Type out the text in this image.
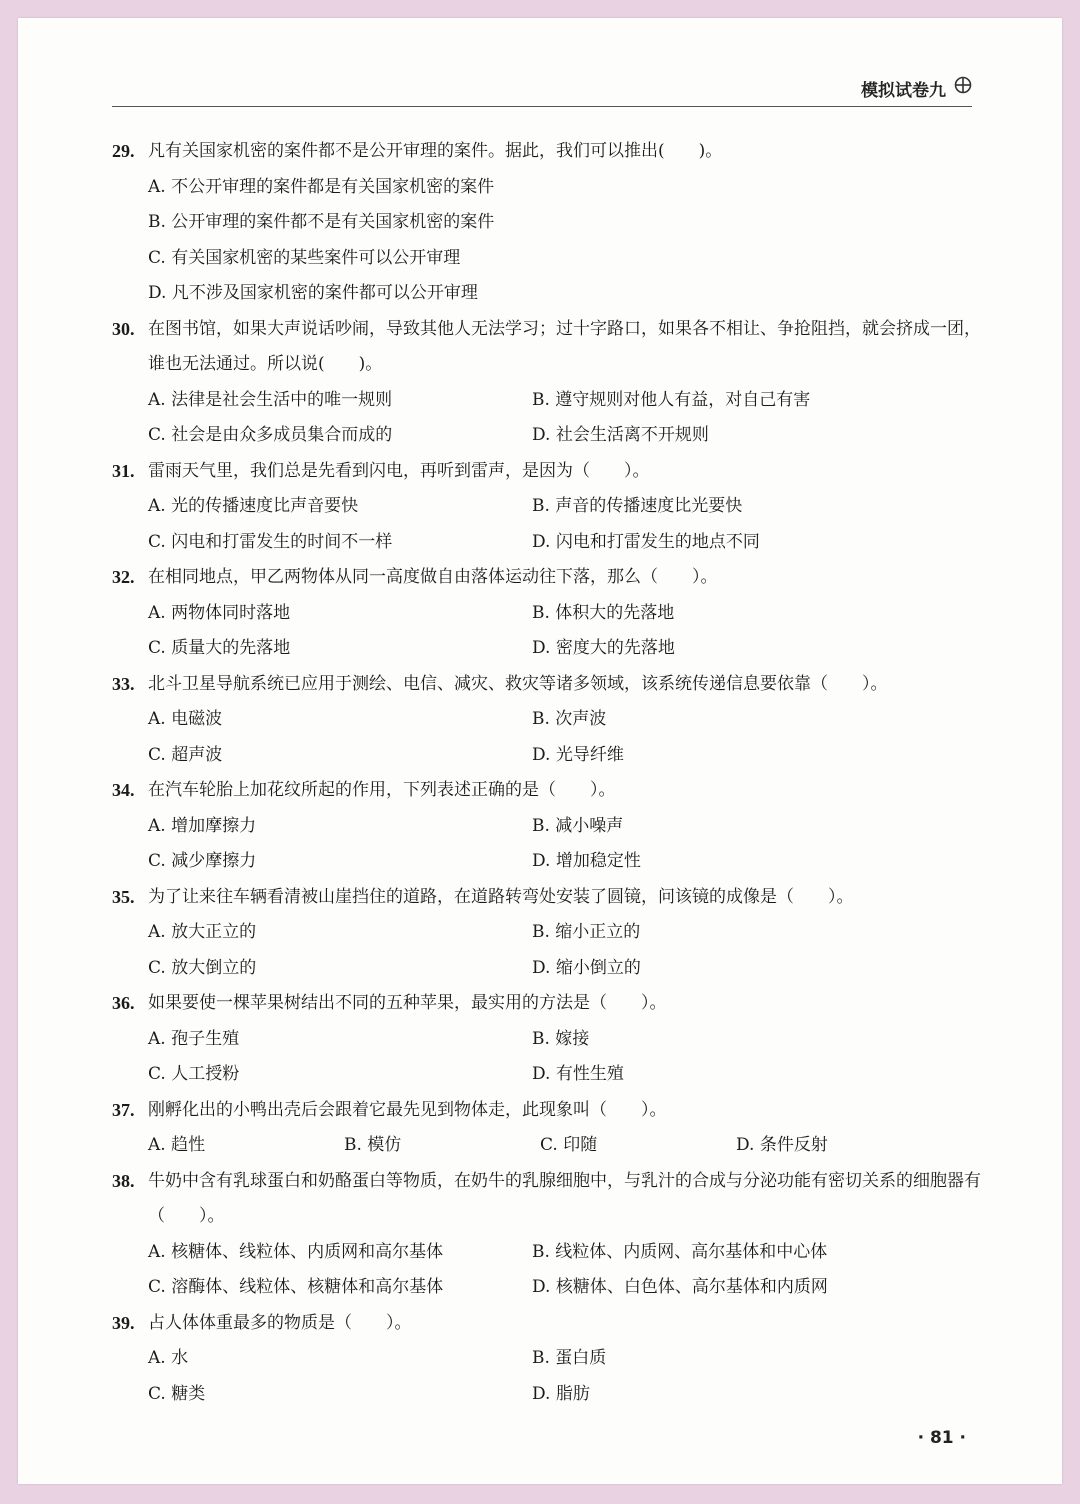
模拟试卷九
29. 凡有关国家机密的案件都不是公开审理的案件。据此，我们可以推出(　　)。
A. 不公开审理的案件都是有关国家机密的案件
B. 公开审理的案件都不是有关国家机密的案件
C. 有关国家机密的某些案件可以公开审理
D. 凡不涉及国家机密的案件都可以公开审理
30. 在图书馆，如果大声说话吵闹，导致其他人无法学习；过十字路口，如果各不相让、争抢阻挡，就会挤成一团，谁也无法通过。所以说(　　)。
A. 法律是社会生活中的唯一规则	B. 遵守规则对他人有益，对自己有害
C. 社会是由众多成员集合而成的	D. 社会生活离不开规则
31. 雷雨天气里，我们总是先看到闪电，再听到雷声，是因为（　　）。
A. 光的传播速度比声音要快	B. 声音的传播速度比光要快
C. 闪电和打雷发生的时间不一样	D. 闪电和打雷发生的地点不同
32. 在相同地点，甲乙两物体从同一高度做自由落体运动往下落，那么（　　）。
A. 两物体同时落地	B. 体积大的先落地
C. 质量大的先落地	D. 密度大的先落地
33. 北斗卫星导航系统已应用于测绘、电信、减灾、救灾等诸多领域，该系统传递信息要依靠（　　）。
A. 电磁波	B. 次声波
C. 超声波	D. 光导纤维
34. 在汽车轮胎上加花纹所起的作用，下列表述正确的是（　　）。
A. 增加摩擦力	B. 减小噪声
C. 减少摩擦力	D. 增加稳定性
35. 为了让来往车辆看清被山崖挡住的道路，在道路转弯处安装了圆镜，问该镜的成像是（　　）。
A. 放大正立的	B. 缩小正立的
C. 放大倒立的	D. 缩小倒立的
36. 如果要使一棵苹果树结出不同的五种苹果，最实用的方法是（　　）。
A. 孢子生殖	B. 嫁接
C. 人工授粉	D. 有性生殖
37. 刚孵化出的小鸭出壳后会跟着它最先见到物体走，此现象叫（　　）。
A. 趋性	B. 模仿	C. 印随	D. 条件反射
38. 牛奶中含有乳球蛋白和奶酪蛋白等物质，在奶牛的乳腺细胞中，与乳汁的合成与分泌功能有密切关系的细胞器有（　　）。
A. 核糖体、线粒体、内质网和高尔基体	B. 线粒体、内质网、高尔基体和中心体
C. 溶酶体、线粒体、核糖体和高尔基体	D. 核糖体、白色体、高尔基体和内质网
39. 占人体体重最多的物质是（　　）。
A. 水	B. 蛋白质
C. 糖类	D. 脂肪
· 81 ·
